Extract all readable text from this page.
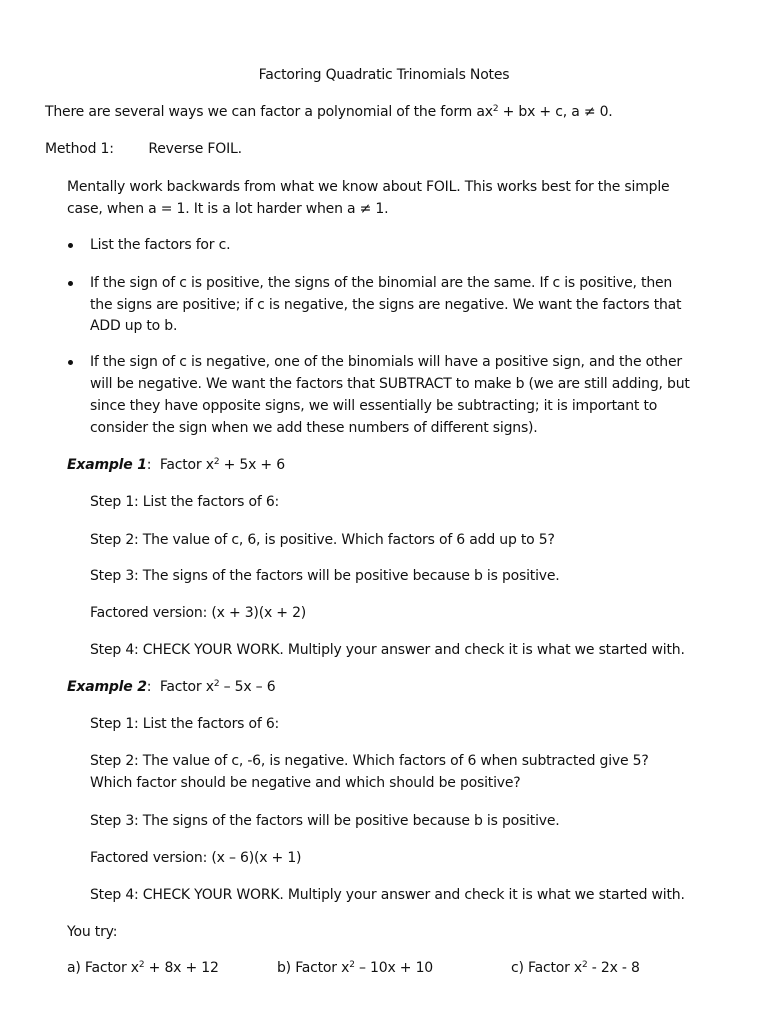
Factoring Quadratic Trinomials Notes
There are several ways we can factor a polynomial of the form $ax^2$ + bx + c, a ≠ 0.
Method 1: Reverse FOIL.
Mentally work backwards from what we know about FOIL. This works best for the simple
case, when a = 1. It is a lot harder when a ≠ 1.
List the factors for c.
If the sign of c is positive, the signs of the binomial are the same. If c is positive, then
the signs are positive; if c is negative, the signs are negative. We want the factors that
ADD up to b.
If the sign of c is negative, one of the binomials will have a positive sign, and the other
will be negative. We want the factors that SUBTRACT to make b (we are still adding, but
since they have opposite signs, we will essentially be subtracting; it is important to
consider the sign when we add these numbers of different signs).
Example 1: Factor $x^2 + 5x + 6$
Step 1: List the factors of 6:
Step 2: The value of c, 6, is positive. Which factors of 6 add up to 5?
Step 3: The signs of the factors will be positive because b is positive.
Factored version: (x + 3)(x + 2)
Step 4: CHECK YOUR WORK. Multiply your answer and check it is what we started with.
Example 2: Factor $x^2 - 5x - 6$
Step 1: List the factors of 6:
Step 2: The value of c, -6, is negative. Which factors of 6 when subtracted give 5?
Which factor should be negative and which should be positive?
Step 3: The signs of the factors will be positive because b is positive.
Factored version: (x – 6)(x + 1)
Step 4: CHECK YOUR WORK. Multiply your answer and check it is what we started with.
You try:
a) Factor $x^2 + 8x + 12$	b) Factor $x^2 - 10x + 10$	c) Factor $x^2 - 2x - 8$
